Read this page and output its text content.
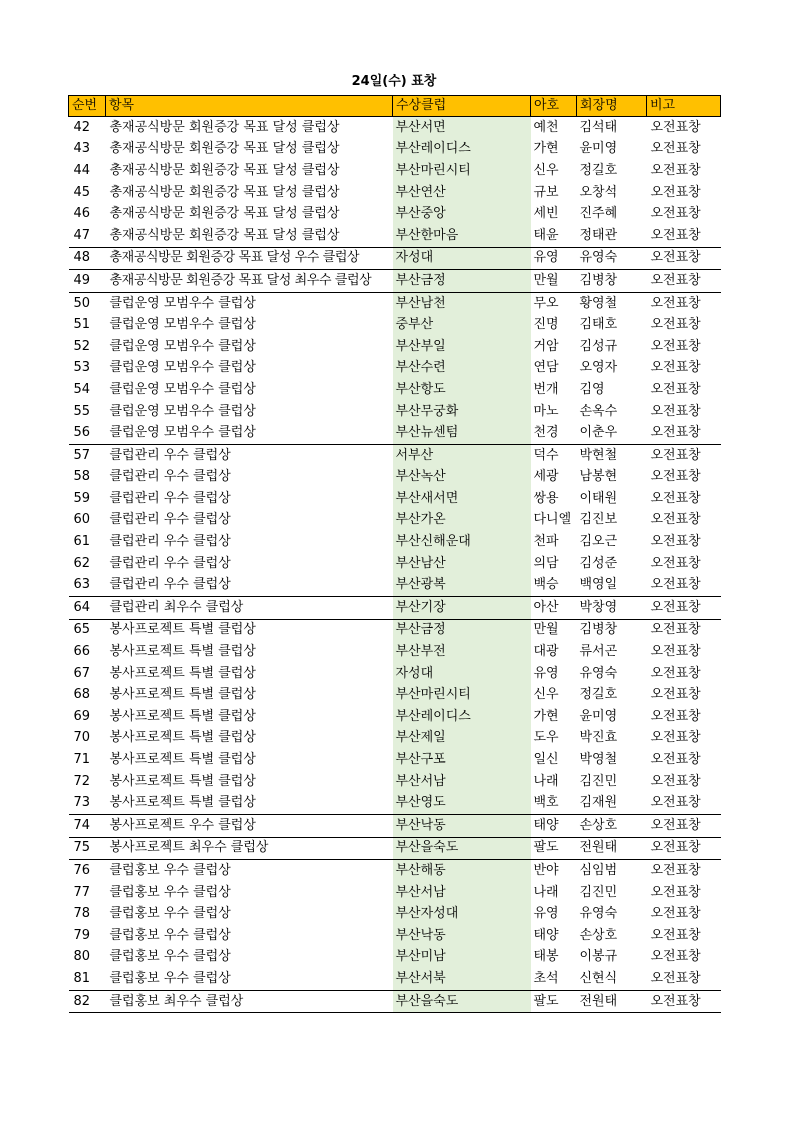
24일(수) 표창
순번	항목	수상클럽	아호	회장명	비고
42	총재공식방문 회원증강 목표 달성 클럽상	부산서면	예천	김석태	오전표창
43	총재공식방문 회원증강 목표 달성 클럽상	부산레이디스	가현	윤미영	오전표창
44	총재공식방문 회원증강 목표 달성 클럽상	부산마린시티	신우	정길호	오전표창
45	총재공식방문 회원증강 목표 달성 클럽상	부산연산	규보	오창석	오전표창
46	총재공식방문 회원증강 목표 달성 클럽상	부산중앙	세빈	진주혜	오전표창
47	총재공식방문 회원증강 목표 달성 클럽상	부산한마음	태윤	정태관	오전표창
48	총재공식방문 회원증강 목표 달성 우수 클럽상	자성대	유영	유영숙	오전표창
49	총재공식방문 회원증강 목표 달성 최우수 클럽상	부산금정	만월	김병창	오전표창
50	클럽운영 모범우수 클럽상	부산남천	무오	황영철	오전표창
51	클럽운영 모범우수 클럽상	중부산	진명	김태호	오전표창
52	클럽운영 모범우수 클럽상	부산부일	거암	김성규	오전표창
53	클럽운영 모범우수 클럽상	부산수련	연담	오영자	오전표창
54	클럽운영 모범우수 클럽상	부산항도	번개	김영	오전표창
55	클럽운영 모범우수 클럽상	부산무궁화	마노	손옥수	오전표창
56	클럽운영 모범우수 클럽상	부산뉴센텀	천경	이춘우	오전표창
57	클럽관리 우수 클럽상	서부산	덕수	박현철	오전표창
58	클럽관리 우수 클럽상	부산녹산	세광	남봉현	오전표창
59	클럽관리 우수 클럽상	부산새서면	쌍용	이태원	오전표창
60	클럽관리 우수 클럽상	부산가온	다니엘	김진보	오전표창
61	클럽관리 우수 클럽상	부산신해운대	천파	김오근	오전표창
62	클럽관리 우수 클럽상	부산남산	의담	김성준	오전표창
63	클럽관리 우수 클럽상	부산광복	백승	백영일	오전표창
64	클럽관리 최우수 클럽상	부산기장	아산	박창영	오전표창
65	봉사프로젝트 특별 클럽상	부산금정	만월	김병창	오전표창
66	봉사프로젝트 특별 클럽상	부산부전	대광	류서곤	오전표창
67	봉사프로젝트 특별 클럽상	자성대	유영	유영숙	오전표창
68	봉사프로젝트 특별 클럽상	부산마린시티	신우	정길호	오전표창
69	봉사프로젝트 특별 클럽상	부산레이디스	가현	윤미영	오전표창
70	봉사프로젝트 특별 클럽상	부산제일	도우	박진효	오전표창
71	봉사프로젝트 특별 클럽상	부산구포	일신	박영철	오전표창
72	봉사프로젝트 특별 클럽상	부산서남	나래	김진민	오전표창
73	봉사프로젝트 특별 클럽상	부산영도	백호	김재원	오전표창
74	봉사프로젝트 우수 클럽상	부산낙동	태양	손상호	오전표창
75	봉사프로젝트 최우수 클럽상	부산을숙도	팔도	전원태	오전표창
76	클럽홍보 우수 클럽상	부산해동	반야	심임범	오전표창
77	클럽홍보 우수 클럽상	부산서남	나래	김진민	오전표창
78	클럽홍보 우수 클럽상	부산자성대	유영	유영숙	오전표창
79	클럽홍보 우수 클럽상	부산낙동	태양	손상호	오전표창
80	클럽홍보 우수 클럽상	부산미남	태봉	이봉규	오전표창
81	클럽홍보 우수 클럽상	부산서북	초석	신현식	오전표창
82	클럽홍보 최우수 클럽상	부산을숙도	팔도	전원태	오전표창
